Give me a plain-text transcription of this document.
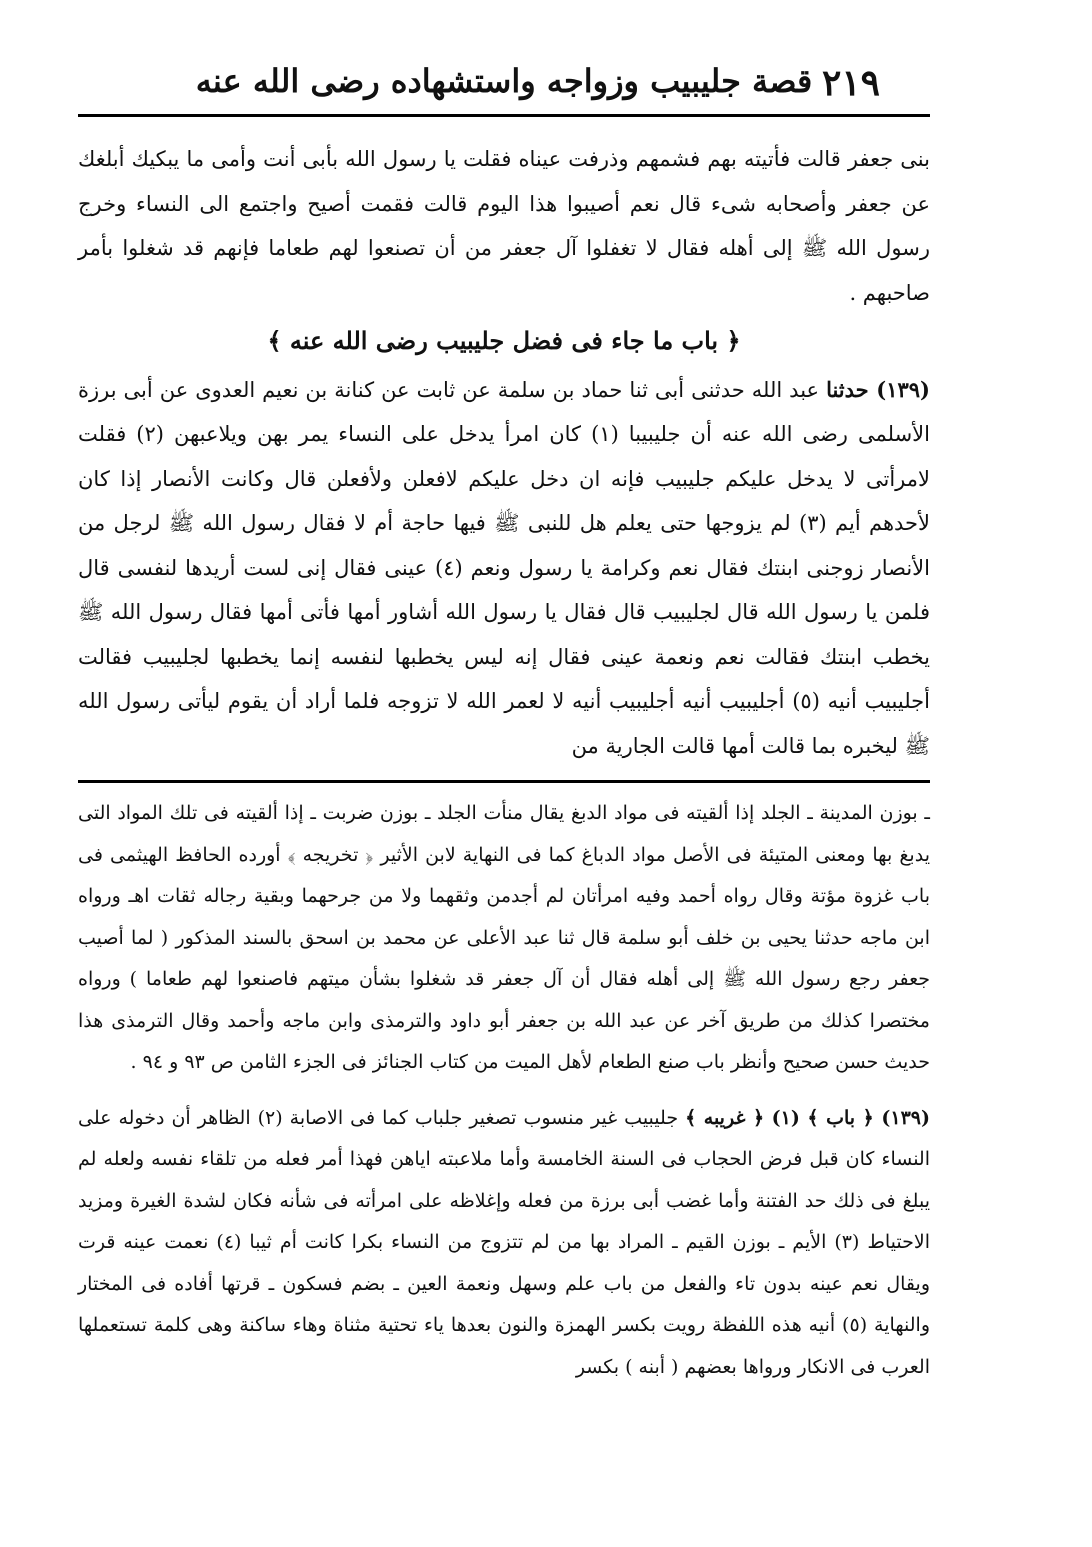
٢١٩
قصة جليبيب وزواجه واستشهاده رضى الله عنه

بنى جعفر قالت فأتيته بهم فشمهم وذرفت عيناه فقلت يا رسول الله بأبى أنت وأمى ما يبكيك أبلغك عن جعفر وأصحابه شىء قال نعم أصيبوا هذا اليوم قالت فقمت أصيح واجتمع الى النساء وخرج رسول الله ﷺ إلى أهله فقال لا تغفلوا آل جعفر من أن تصنعوا لهم طعاما فإنهم قد شغلوا بأمر صاحبهم .

﴿ باب ما جاء فى فضل جليبيب رضى الله عنه ﴾

(١٣٩) حدثنا عبد الله حدثنى أبى ثنا حماد بن سلمة عن ثابت عن كنانة بن نعيم العدوى عن أبى برزة الأسلمى رضى الله عنه أن جليبيبا (١) كان امرأ يدخل على النساء يمر بهن ويلاعبهن (٢) فقلت لامرأتى لا يدخل عليكم جليبيب فإنه ان دخل عليكم لافعلن ولأفعلن قال وكانت الأنصار إذا كان لأحدهم أيم (٣) لم يزوجها حتى يعلم هل للنبى ﷺ فيها حاجة أم لا فقال رسول الله ﷺ لرجل من الأنصار زوجنى ابنتك فقال نعم وكرامة يا رسول ونعم (٤) عينى فقال إنى لست أريدها لنفسى قال فلمن يا رسول الله قال لجليبيب قال فقال يا رسول الله أشاور أمها فأتى أمها فقال رسول الله ﷺ يخطب ابنتك فقالت نعم ونعمة عينى فقال إنه ليس يخطبها لنفسه إنما يخطبها لجليبيب فقالت أجليبيب أنيه (٥) أجليبيب أنيه أجليبيب أنيه لا لعمر الله لا تزوجه فلما أراد أن يقوم ليأتى رسول الله ﷺ ليخبره بما قالت أمها قالت الجارية من

ـ بوزن المدينة ـ الجلد إذا ألقيته فى مواد الدبغ يقال منأت الجلد ـ بوزن ضربت ـ إذا ألقيته فى تلك المواد التى يدبغ بها ومعنى المتيئة فى الأصل مواد الدباغ كما فى النهاية لابن الأثير ﴿ تخريجه ﴾ أورده الحافظ الهيثمى فى باب غزوة مؤتة وقال رواه أحمد وفيه امرأتان لم أجدمن وثقهما ولا من جرحهما وبقية رجاله ثقات اهـ ورواه ابن ماجه حدثنا يحيى بن خلف أبو سلمة قال ثنا عبد الأعلى عن محمد بن اسحق بالسند المذكور ( لما أصيب جعفر رجع رسول الله ﷺ إلى أهله فقال أن آل جعفر قد شغلوا بشأن ميتهم فاصنعوا لهم طعاما ) ورواه مختصرا كذلك من طريق آخر عن عبد الله بن جعفر أبو داود والترمذى وابن ماجه وأحمد وقال الترمذى هذا حديث حسن صحيح وأنظر باب صنع الطعام لأهل الميت من كتاب الجنائز فى الجزء الثامن ص ٩٣ و ٩٤ .

(١٣٩) ﴿ باب ﴾ (١) ﴿ غريبه ﴾ جليبيب غير منسوب تصغير جلباب كما فى الاصابة (٢) الظاهر أن دخوله على النساء كان قبل فرض الحجاب فى السنة الخامسة وأما ملاعبته اياهن فهذا أمر فعله من تلقاء نفسه ولعله لم يبلغ فى ذلك حد الفتنة وأما غضب أبى برزة من فعله وإغلاظه على امرأته فى شأنه فكان لشدة الغيرة ومزيد الاحتياط (٣) الأيم ـ بوزن القيم ـ المراد بها من لم تتزوج من النساء بكرا كانت أم ثيبا (٤) نعمت عينه قرت ويقال نعم عينه بدون تاء والفعل من باب علم وسهل ونعمة العين ـ بضم فسكون ـ قرتها أفاده فى المختار والنهاية (٥) أنيه هذه اللفظة رويت بكسر الهمزة والنون بعدها ياء تحتية مثناة وهاء ساكنة وهى كلمة تستعملها العرب فى الانكار ورواها بعضهم ( أبنه ) بكسر
